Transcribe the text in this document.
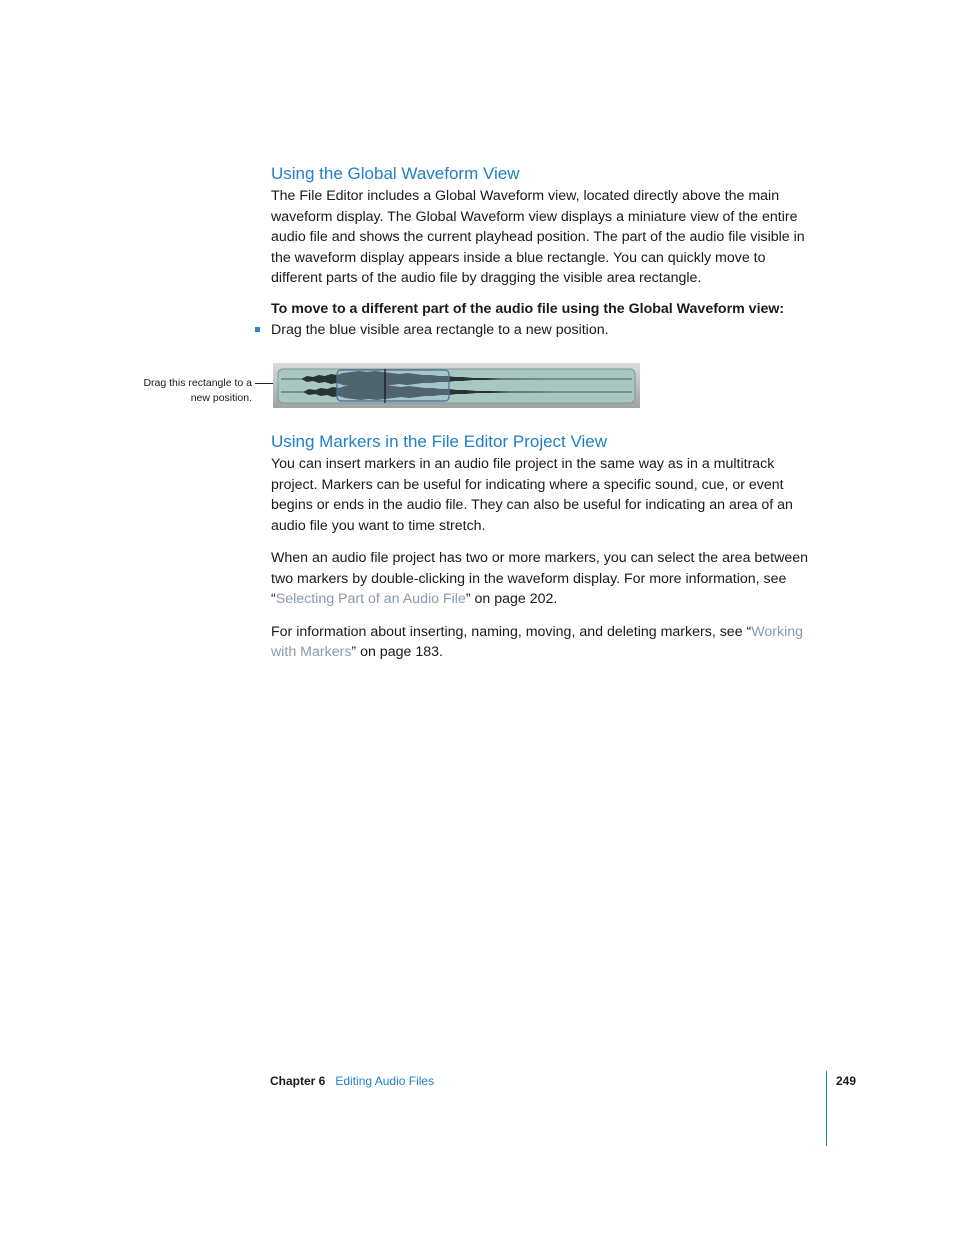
Using the Global Waveform View

The File Editor includes a Global Waveform view, located directly above the main waveform display. The Global Waveform view displays a miniature view of the entire audio file and shows the current playhead position. The part of the audio file visible in the waveform display appears inside a blue rectangle. You can quickly move to different parts of the audio file by dragging the visible area rectangle.

To move to a different part of the audio file using the Global Waveform view:
Drag the blue visible area rectangle to a new position.
Drag this rectangle to a
new position.
Using Markers in the File Editor Project View

You can insert markers in an audio file project in the same way as in a multitrack project. Markers can be useful for indicating where a specific sound, cue, or event begins or ends in the audio file. They can also be useful for indicating an area of an audio file you want to time stretch.

When an audio file project has two or more markers, you can select the area between two markers by double-clicking in the waveform display. For more information, see “Selecting Part of an Audio File” on page 202.

For information about inserting, naming, moving, and deleting markers, see “Working with Markers” on page 183.

Chapter 6 Editing Audio Files	249
